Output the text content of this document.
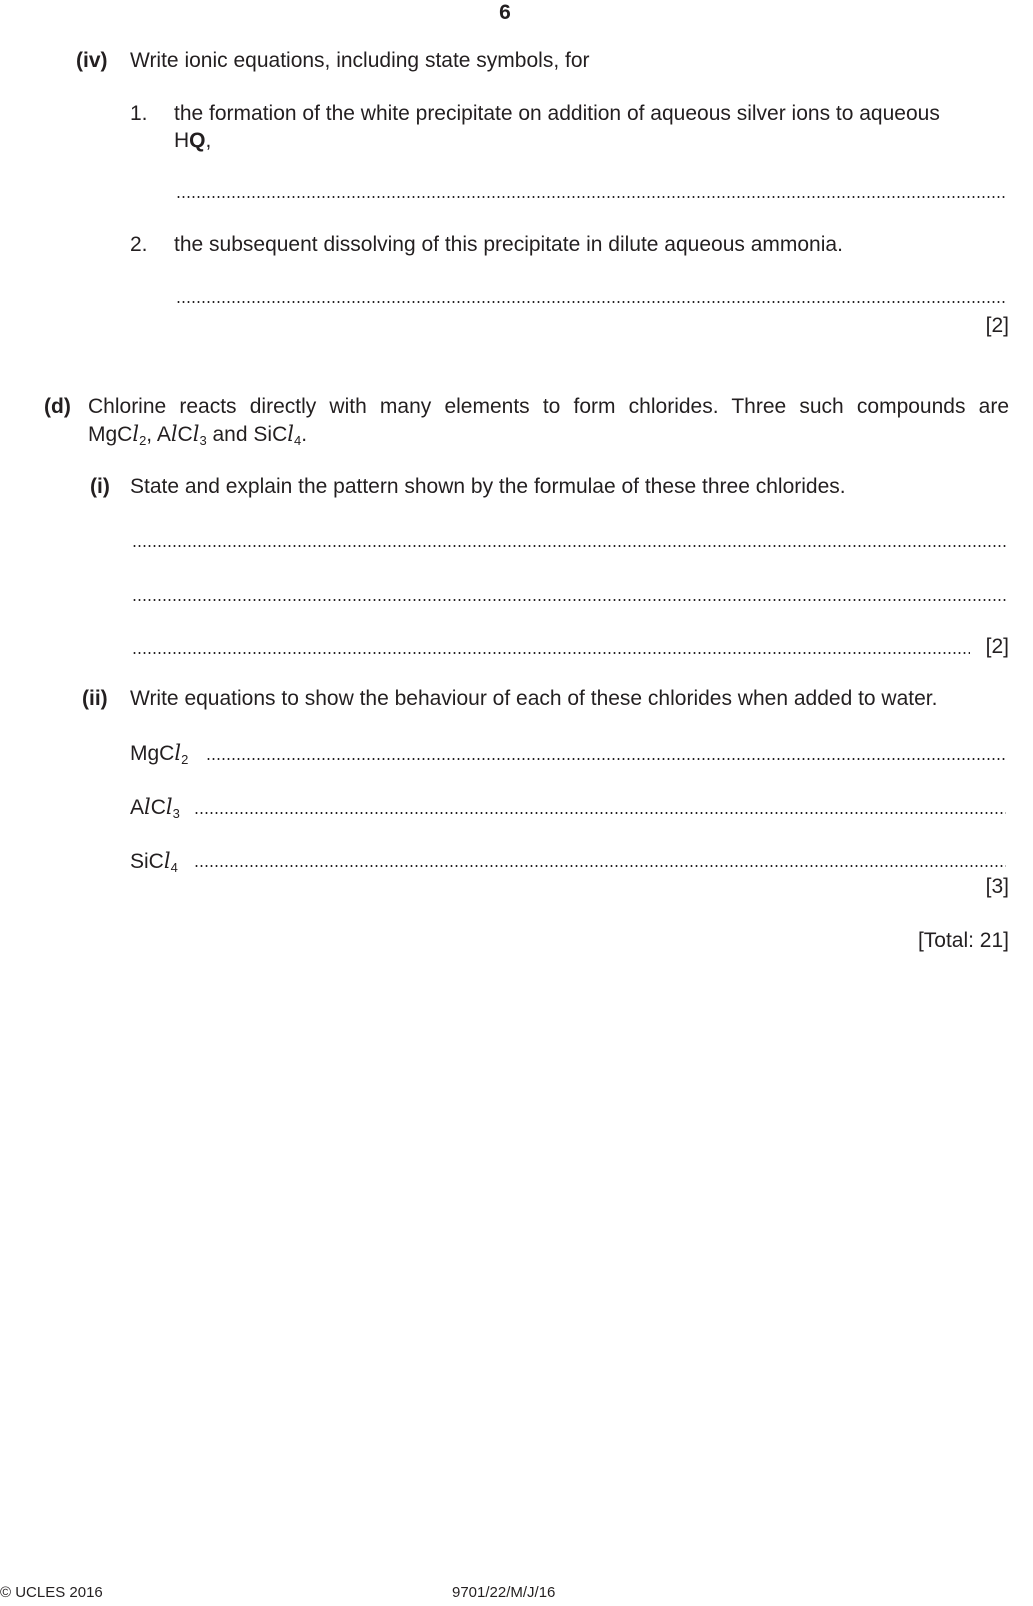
6
(iv) Write ionic equations, including state symbols, for
1. the formation of the white precipitate on addition of aqueous silver ions to aqueous
HQ,
2. the subsequent dissolving of this precipitate in dilute aqueous ammonia.
[2]
(d) Chlorine reacts directly with many elements to form chlorides. Three such compounds are
MgCl$_2$, AlCl$_3$ and SiCl$_4$.
(i) State and explain the pattern shown by the formulae of these three chlorides.
[2]
(ii) Write equations to show the behaviour of each of these chlorides when added to water.
MgCl$_2$
AlCl$_3$
SiCl$_4$
[3]
[Total: 21]
© UCLES 2016	9701/22/M/J/16
